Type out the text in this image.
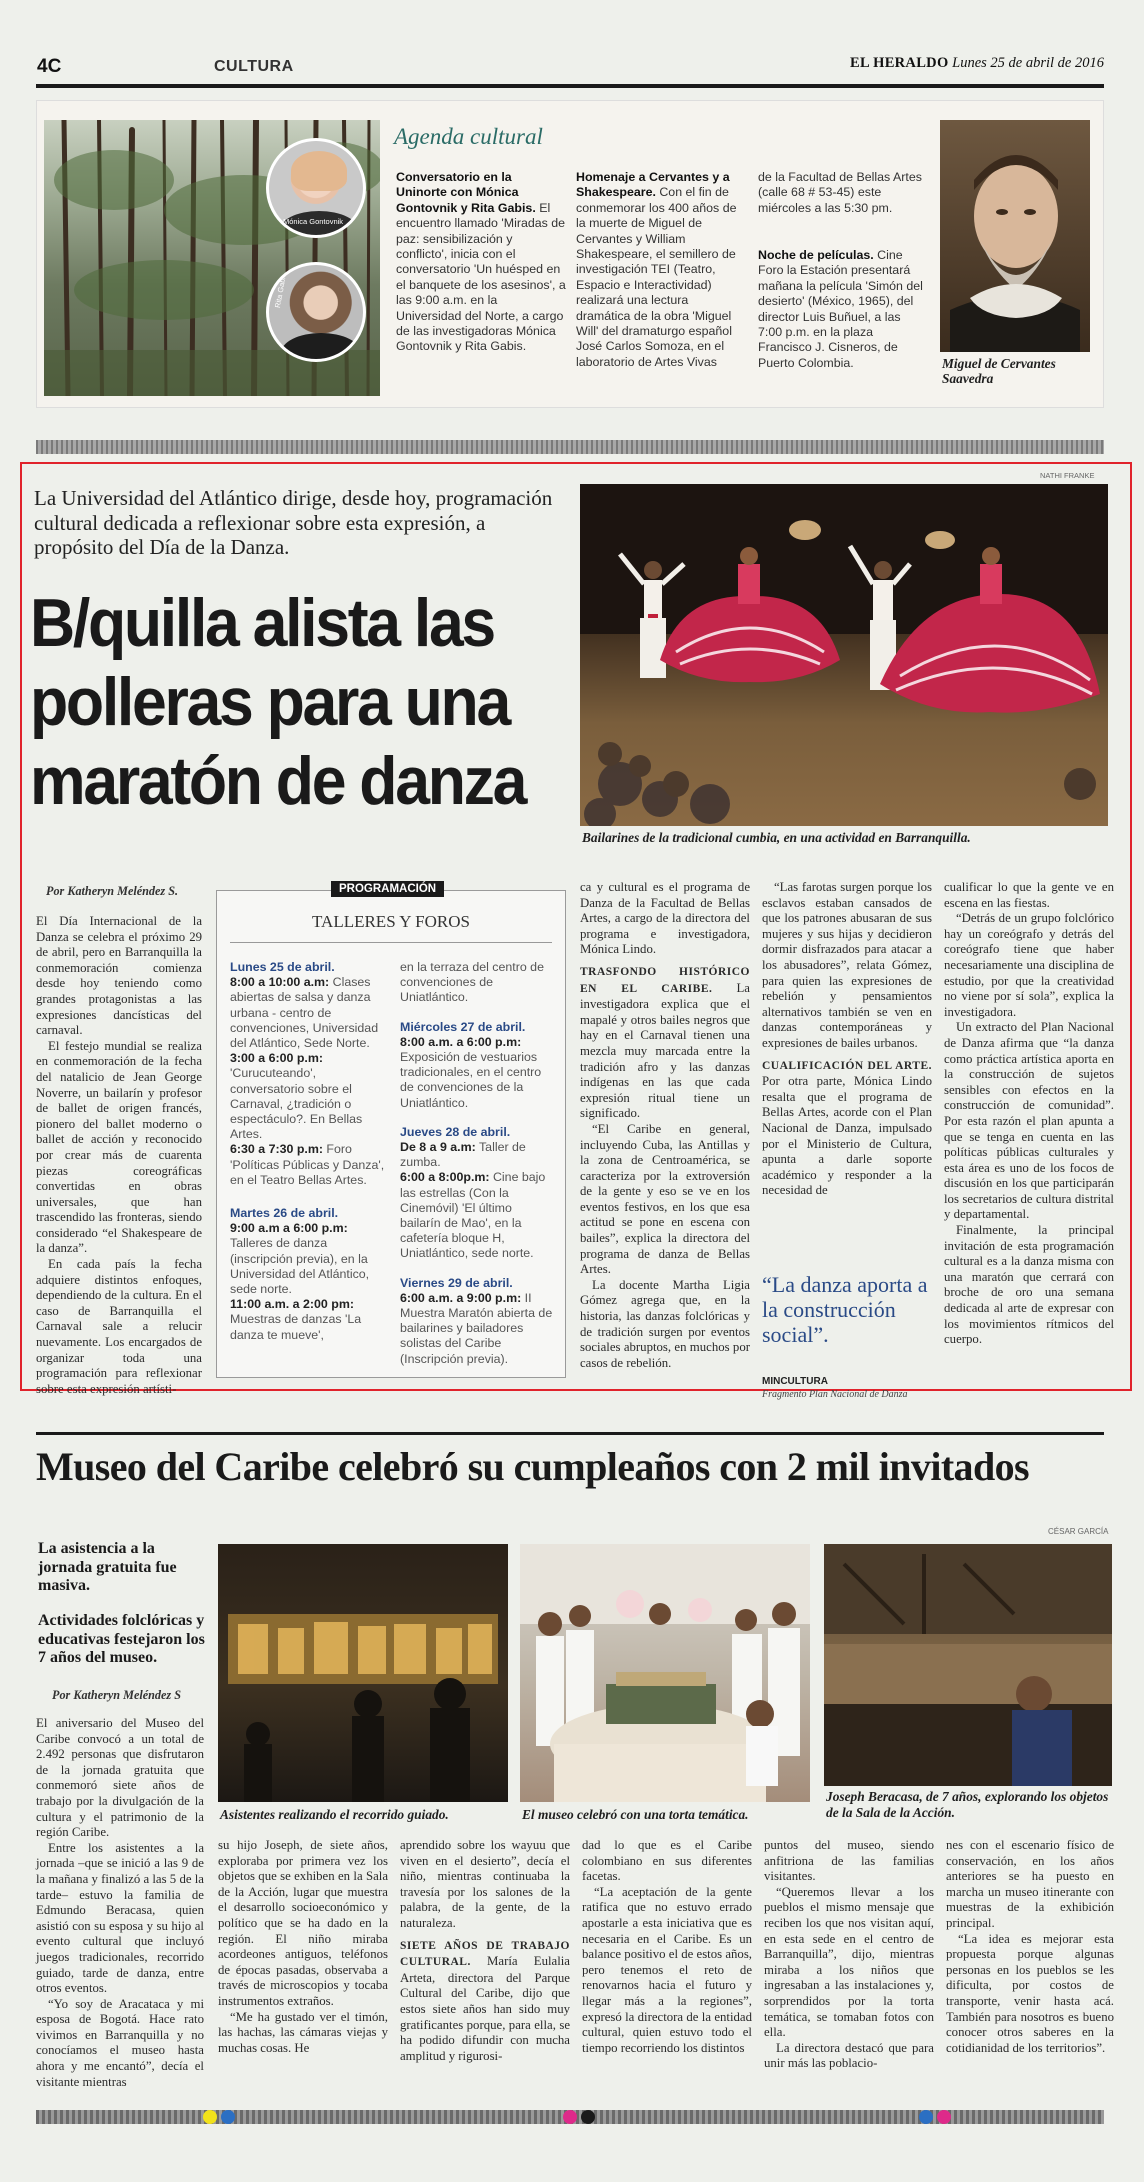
4C	CULTURA	EL HERALDO Lunes 25 de abril de 2016
Mónica Gontovnik
Rita Gabis
Agenda cultural
Conversatorio en la Uninorte con Mónica Gontovnik y Rita Gabis. El encuentro llamado 'Miradas de paz: sensibilización y conflicto', inicia con el conversatorio 'Un huésped en el banquete de los asesinos', a las 9:00 a.m. en la Universidad del Norte, a cargo de las investigadoras Mónica Gontovnik y Rita Gabis.
Homenaje a Cervantes y a Shakespeare. Con el fin de conmemorar los 400 años de la muerte de Miguel de Cervantes y William Shakespeare, el semillero de investigación TEI (Teatro, Espacio e Interactividad) realizará una lectura dramática de la obra 'Miguel Will' del dramaturgo español José Carlos Somoza, en el laboratorio de Artes Vivas
de la Facultad de Bellas Artes (calle 68 # 53-45) este miércoles a las 5:30 pm.
Noche de películas. Cine Foro la Estación presentará mañana la película 'Simón del desierto' (México, 1965), del director Luis Buñuel, a las 7:00 p.m. en la plaza Francisco J. Cisneros, de Puerto Colombia.	Miguel de Cervantes Saavedra
NATHI FRANKE
La Universidad del Atlántico dirige, desde hoy, programación cultural dedicada a reflexionar sobre esta expresión, a propósito del Día de la Danza.
B/quilla alista las polleras para una maratón de danza
Bailarines de la tradicional cumbia, en una actividad en Barranquilla.
Por Katheryn Meléndez S.

El Día Internacional de la Danza se celebra el próximo 29 de abril, pero en Barranquilla la conmemoración comienza desde hoy teniendo como grandes protagonistas a las expresiones dancísticas del carnaval.

El festejo mundial se realiza en conmemoración de la fecha del natalicio de Jean George Noverre, un bailarín y profesor de ballet de origen francés, pionero del ballet moderno o ballet de acción y reconocido por crear más de cuarenta piezas coreográficas convertidas en obras universales, que han trascendido las fronteras, siendo considerado “el Shakespeare de la danza”.

En cada país la fecha adquiere distintos enfoques, dependiendo de la cultura. En el caso de Barranquilla el Carnaval sale a relucir nuevamente. Los encargados de organizar toda una programación para reflexionar sobre esta expresión artísti-

PROGRAMACIÓN
TALLERES Y FOROS
Lunes 25 de abril.
8:00 a 10:00 a.m: Clases abiertas de salsa y danza urbana - centro de convenciones, Universidad del Atlántico, Sede Norte.
3:00 a 6:00 p.m: 'Curucuteando', conversatorio sobre el Carnaval, ¿tradición o espectáculo?. En Bellas Artes.
6:30 a 7:30 p.m: Foro 'Políticas Públicas y Danza', en el Teatro Bellas Artes.
Martes 26 de abril.
9:00 a.m a 6:00 p.m: Talleres de danza (inscripción previa), en la Universidad del Atlántico, sede norte.
11:00 a.m. a 2:00 pm: Muestras de danzas 'La danza te mueve',
en la terraza del centro de convenciones de Uniatlántico.
Miércoles 27 de abril.
8:00 a.m. a 6:00 p.m: Exposición de vestuarios tradicionales, en el centro de convenciones de la Uniatlántico.
Jueves 28 de abril.
De 8 a 9 a.m: Taller de zumba.
6:00 a 8:00p.m: Cine bajo las estrellas (Con la Cinemóvil) 'El último bailarín de Mao', en la cafetería bloque H, Uniatlántico, sede norte.
Viernes 29 de abril.
6:00 a.m. a 9:00 p.m: II Muestra Maratón abierta de bailarines y bailadores solistas del Caribe (Inscripción previa).

ca y cultural es el programa de Danza de la Facultad de Bellas Artes, a cargo de la directora del programa e investigadora, Mónica Lindo.

TRASFONDO HISTÓRICO EN EL CARIBE. La investigadora explica que el mapalé y otros bailes negros que hay en el Carnaval tienen una mezcla muy marcada entre la tradición afro y las danzas indígenas en las que cada expresión ritual tiene un significado.

“El Caribe en general, incluyendo Cuba, las Antillas y la zona de Centroamérica, se caracteriza por la extroversión de la gente y eso se ve en los eventos festivos, en los que esa actitud se pone en escena con bailes”, explica la directora del programa de danza de Bellas Artes.

La docente Martha Ligia Gómez agrega que, en la historia, las danzas folclóricas y de tradición surgen por eventos sociales abruptos, en muchos por casos de rebelión.

“Las farotas surgen porque los esclavos estaban cansados de que los patrones abusaran de sus mujeres y sus hijas y decidieron dormir disfrazados para atacar a los abusadores”, relata Gómez, para quien las expresiones de rebelión y pensamientos alternativos también se ven en danzas contemporáneas y expresiones de bailes urbanos.

CUALIFICACIÓN DEL ARTE. Por otra parte, Mónica Lindo resalta que el programa de Bellas Artes, acorde con el Plan Nacional de Danza, impulsado por el Ministerio de Cultura, apunta a darle soporte académico y responder a la necesidad de

“La danza aporta a la construcción social”.
MINCULTURA
Fragmento Plan Nacional de Danza

cualificar lo que la gente ve en escena en las fiestas.

“Detrás de un grupo folclórico hay un coreógrafo y detrás del coreógrafo tiene que haber necesariamente una disciplina de estudio, por que la creatividad no viene por sí sola”, explica la investigadora.

Un extracto del Plan Nacional de Danza afirma que “la danza como práctica artística aporta en la construcción de sujetos sensibles con efectos en la construcción de comunidad”. Por esta razón el plan apunta a que se tenga en cuenta en las políticas públicas culturales y esta área es uno de los focos de discusión en los que participarán los secretarios de cultura distrital y departamental.

Finalmente, la principal invitación de esta programación cultural es a la danza misma con una maratón que cerrará con broche de oro una semana dedicada al arte de expresar con los movimientos rítmicos del cuerpo.

Museo del Caribe celebró su cumpleaños con 2 mil invitados
CÉSAR GARCÍA
La asistencia a la jornada gratuita fue masiva.
Actividades folclóricas y educativas festejaron los 7 años del museo.
Por Katheryn Meléndez S

El aniversario del Museo del Caribe convocó a un total de 2.492 personas que disfrutaron de la jornada gratuita que conmemoró siete años de trabajo por la divulgación de la cultura y el patrimonio de la región Caribe.

Entre los asistentes a la jornada –que se inició a las 9 de la mañana y finalizó a las 5 de la tarde– estuvo la familia de Edmundo Beracasa, quien asistió con su esposa y su hijo al evento cultural que incluyó juegos tradicionales, recorrido guiado, tarde de danza, entre otros eventos.

“Yo soy de Aracataca y mi esposa de Bogotá. Hace rato vivimos en Barranquilla y no conocíamos el museo hasta ahora y me encantó”, decía el visitante mientras

Asistentes realizando el recorrido guiado.	El museo celebró con una torta temática.
Joseph Beracasa, de 7 años, explorando los objetos de la Sala de la Acción.

su hijo Joseph, de siete años, exploraba por primera vez los objetos que se exhiben en la Sala de la Acción, lugar que muestra el desarrollo socioeconómico y político que se ha dado en la región. El niño miraba acordeones antiguos, teléfonos de épocas pasadas, observaba a través de microscopios y tocaba instrumentos extraños.

“Me ha gustado ver el timón, las hachas, las cámaras viejas y muchas cosas. He

aprendido sobre los wayuu que viven en el desierto”, decía el niño, mientras continuaba la travesía por los salones de la palabra, de la gente, de la naturaleza.

SIETE AÑOS DE TRABAJO CULTURAL. María Eulalia Arteta, directora del Parque Cultural del Caribe, dijo que estos siete años han sido muy gratificantes porque, para ella, se ha podido difundir con mucha amplitud y rigurosi-

dad lo que es el Caribe colombiano en sus diferentes facetas.

“La aceptación de la gente ratifica que no estuvo errado apostarle a esta iniciativa que es necesaria en el Caribe. Es un balance positivo el de estos años, pero tenemos el reto de renovarnos hacia el futuro y llegar más a la regiones”, expresó la directora de la entidad cultural, quien estuvo todo el tiempo recorriendo los distintos

puntos del museo, siendo anfitriona de las familias visitantes.

“Queremos llevar a los pueblos el mismo mensaje que reciben los que nos visitan aquí, en esta sede en el centro de Barranquilla”, dijo, mientras miraba a los niños que ingresaban a las instalaciones y, sorprendidos por la torta temática, se tomaban fotos con ella.

La directora destacó que para unir más las poblacio-

nes con el escenario físico de conservación, en los años anteriores se ha puesto en marcha un museo itinerante con muestras de la exhibición principal.

“La idea es mejorar esta propuesta porque algunas personas en los pueblos se les dificulta, por costos de transporte, venir hasta acá. También para nosotros es bueno conocer otros saberes en la cotidianidad de los territorios”.
